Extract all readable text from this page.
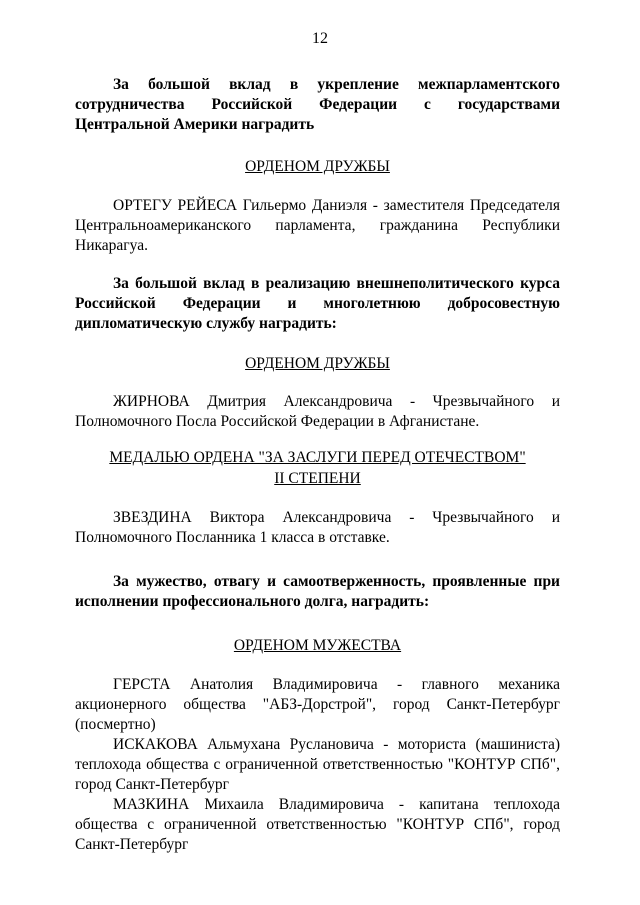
12

За большой вклад в укрепление межпарламентского сотрудничества Российской Федерации с государствами Центральной Америки наградить

ОРДЕНОМ ДРУЖБЫ

ОРТЕГУ РЕЙЕСА Гильермо Даниэля - заместителя Председателя Центральноамериканского парламента, гражданина Республики Никарагуа.

За большой вклад в реализацию внешнеполитического курса Российской Федерации и многолетнюю добросовестную дипломатическую службу наградить:

ОРДЕНОМ ДРУЖБЫ

ЖИРНОВА Дмитрия Александровича - Чрезвычайного и Полномочного Посла Российской Федерации в Афганистане.

МЕДАЛЬЮ ОРДЕНА "ЗА ЗАСЛУГИ ПЕРЕД ОТЕЧЕСТВОМ"

II СТЕПЕНИ

ЗВЕЗДИНА Виктора Александровича - Чрезвычайного и Полномочного Посланника 1 класса в отставке.

За мужество, отвагу и самоотверженность, проявленные при исполнении профессионального долга, наградить:

ОРДЕНОМ МУЖЕСТВА

ГЕРСТА Анатолия Владимировича - главного механика акционерного общества "АБЗ-Дорстрой", город Санкт-Петербург (посмертно)

ИСКАКОВА Альмухана Руслановича - моториста (машиниста) теплохода общества с ограниченной ответственностью "КОНТУР СПб", город Санкт-Петербург

МАЗКИНА Михаила Владимировича - капитана теплохода общества с ограниченной ответственностью "КОНТУР СПб", город Санкт-Петербург
